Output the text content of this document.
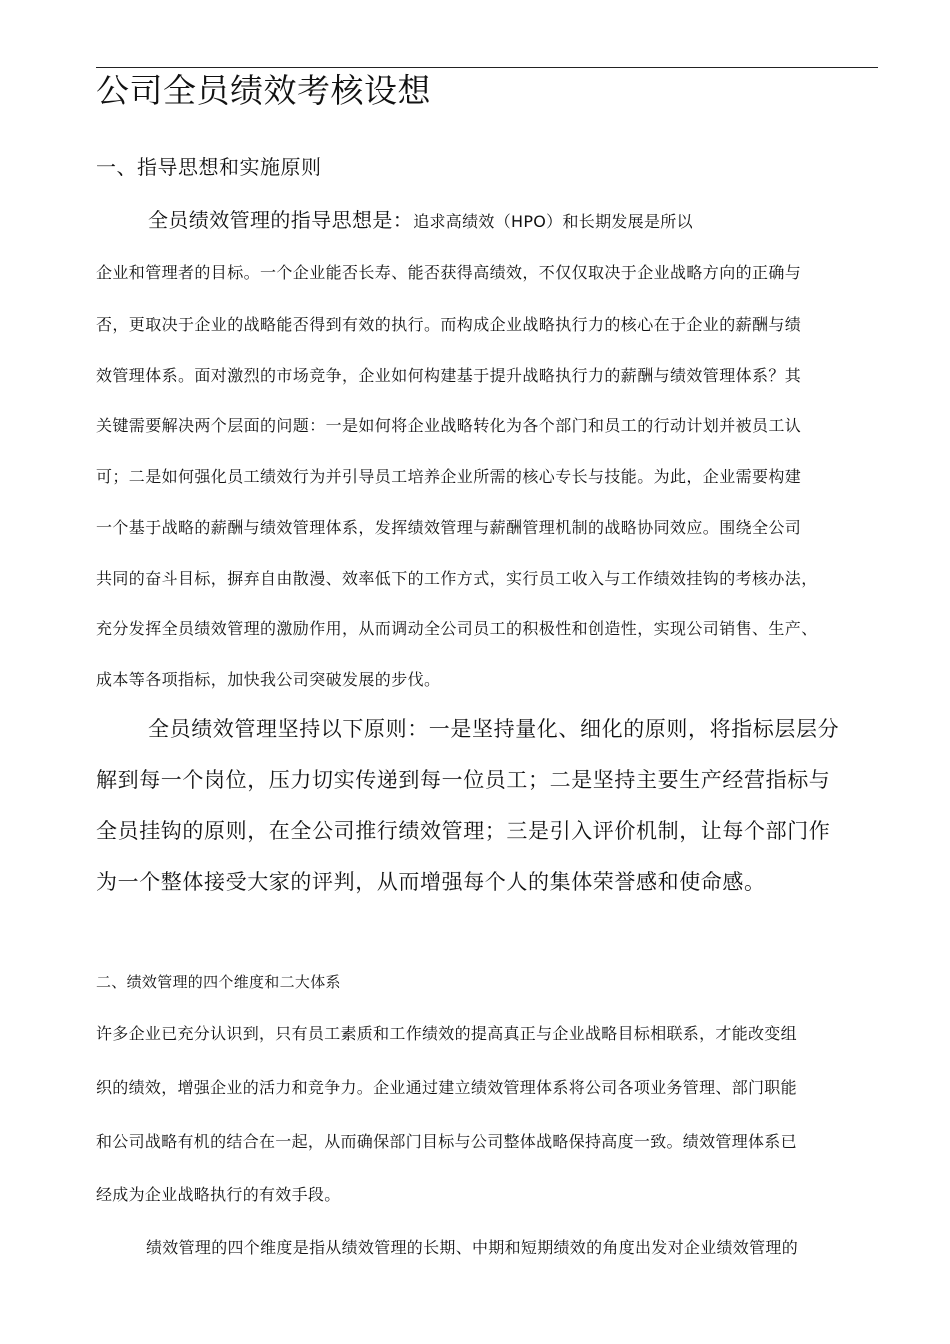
公司全员绩效考核设想
一、指导思想和实施原则
全员绩效管理的指导思想是：追求高绩效（HPO）和长期发展是所以
企业和管理者的目标。一个企业能否长寿、能否获得高绩效，不仅仅取决于企业战略方向的正确与
否，更取决于企业的战略能否得到有效的执行。而构成企业战略执行力的核心在于企业的薪酬与绩
效管理体系。面对激烈的市场竞争，企业如何构建基于提升战略执行力的薪酬与绩效管理体系？其
关键需要解决两个层面的问题：一是如何将企业战略转化为各个部门和员工的行动计划并被员工认
可；二是如何强化员工绩效行为并引导员工培养企业所需的核心专长与技能。为此，企业需要构建
一个基于战略的薪酬与绩效管理体系，发挥绩效管理与薪酬管理机制的战略协同效应。围绕全公司
共同的奋斗目标，摒弃自由散漫、效率低下的工作方式，实行员工收入与工作绩效挂钩的考核办法，
充分发挥全员绩效管理的激励作用，从而调动全公司员工的积极性和创造性，实现公司销售、生产、
成本等各项指标，加快我公司突破发展的步伐。
全员绩效管理坚持以下原则：一是坚持量化、细化的原则，将指标层层分
解到每一个岗位，压力切实传递到每一位员工；二是坚持主要生产经营指标与
全员挂钩的原则，在全公司推行绩效管理；三是引入评价机制，让每个部门作
为一个整体接受大家的评判，从而增强每个人的集体荣誉感和使命感。
二、绩效管理的四个维度和二大体系
许多企业已充分认识到，只有员工素质和工作绩效的提高真正与企业战略目标相联系，才能改变组
织的绩效，增强企业的活力和竞争力。企业通过建立绩效管理体系将公司各项业务管理、部门职能
和公司战略有机的结合在一起，从而确保部门目标与公司整体战略保持高度一致。绩效管理体系已
经成为企业战略执行的有效手段。
绩效管理的四个维度是指从绩效管理的长期、中期和短期绩效的角度出发对企业绩效管理的
